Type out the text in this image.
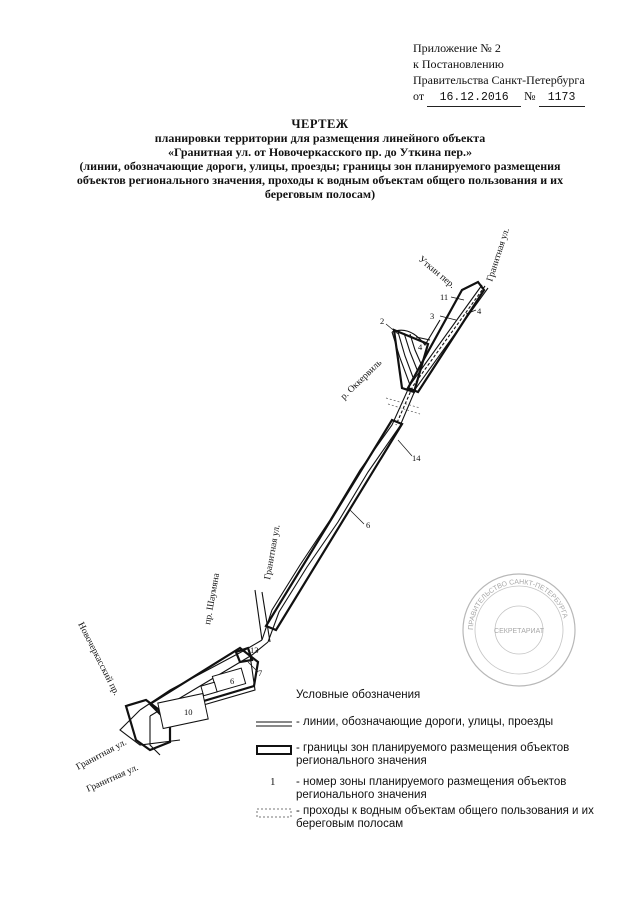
Приложение № 2
к Постановлению
Правительства Санкт-Петербурга
от 16.12.2016 № 1173
ЧЕРТЕЖ
планировки территории для размещения линейного объекта
«Гранитная ул. от Новочеркасского пр. до Уткина пер.»
(линии, обозначающие дороги, улицы, проезды; границы зон планируемого размещения
объектов регионального значения, проходы к водным объектам общего пользования и их
береговым полосам)
Гранитная ул.
Уткин пер.
р. Оккервиль
Гранитная ул.
пр. Шаумяна
Новочеркасский пр.
Гранитная ул.
Гранитная ул.
11
3	4
2
4
14
6
13
6
7
10
ПРАВИТЕЛЬСТВО САНКТ-ПЕТЕРБУРГА
СЕКРЕТАРИАТ
Условные обозначения
- линии, обозначающие дороги, улицы, проезды
- границы зон планируемого размещения объектов регионального значения
1 - номер зоны планируемого размещения объектов регионального значения
- проходы к водным объектам общего пользования и их береговым полосам
